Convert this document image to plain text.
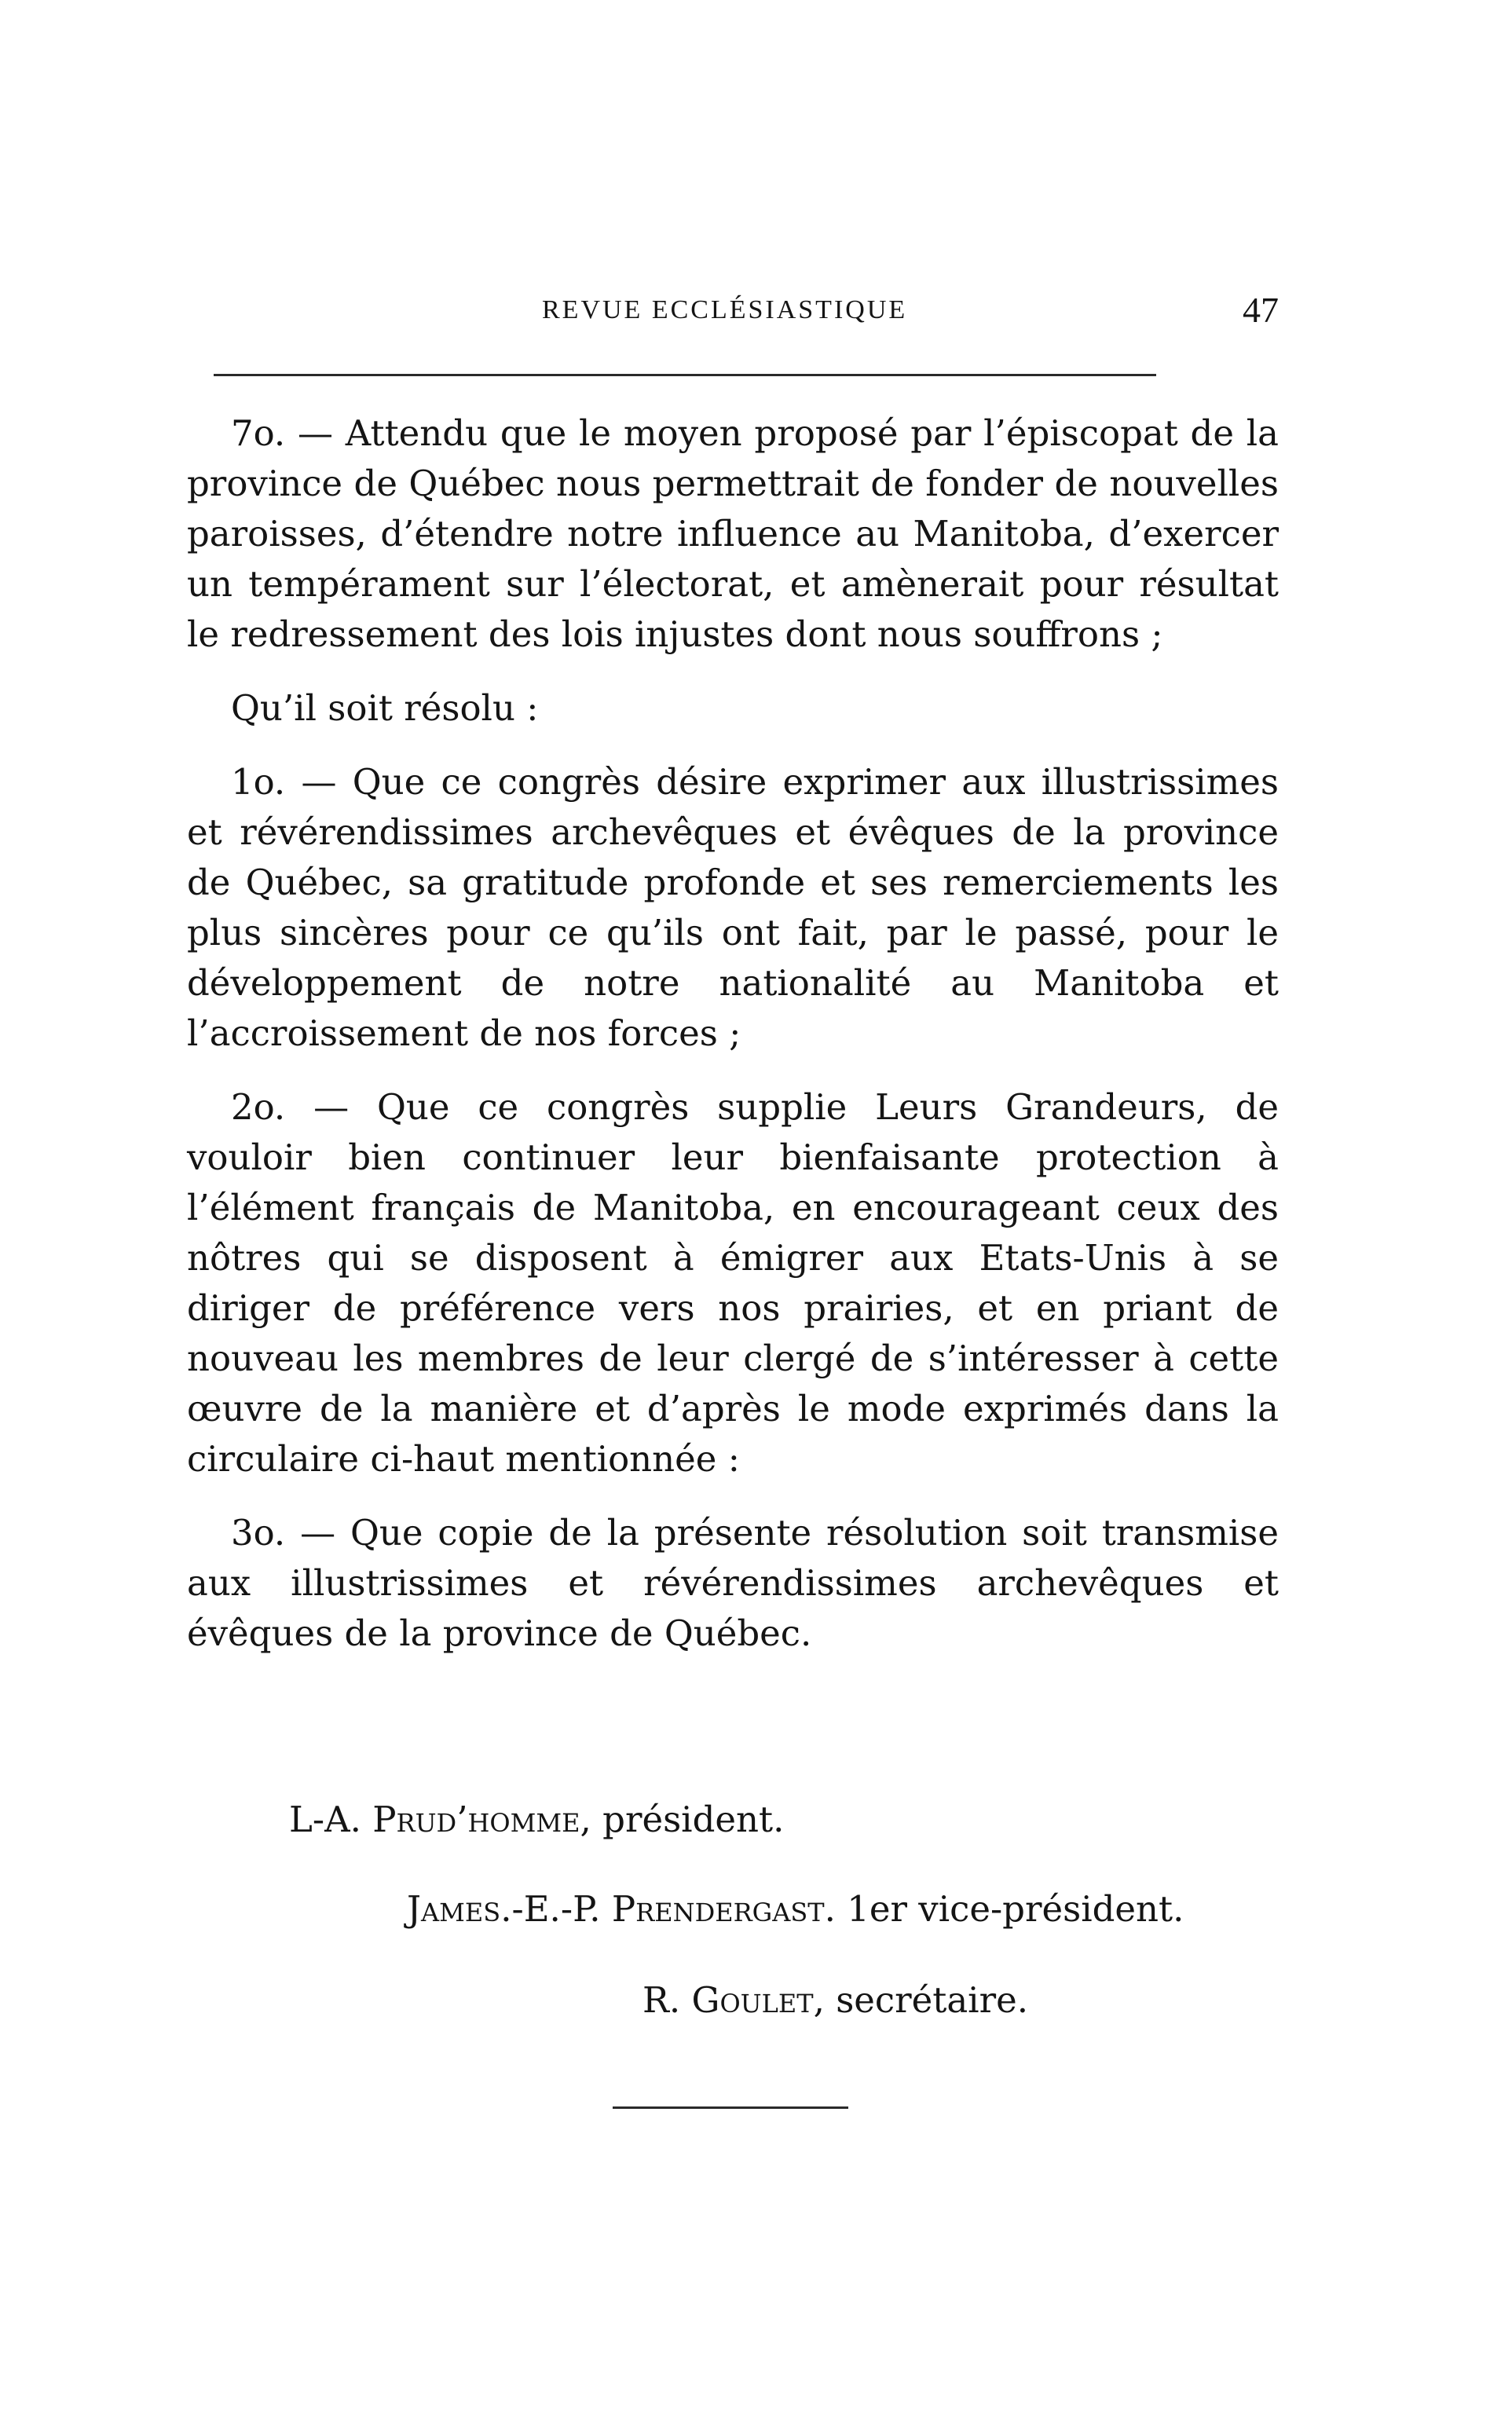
REVUE ECCLÉSIASTIQUE	47

7o. — Attendu que le moyen proposé par l’épiscopat de la province de Québec nous permettrait de fonder de nouvelles paroisses, d’étendre notre influence au Manitoba, d’exercer un tempérament sur l’électorat, et amènerait pour résultat le redressement des lois injustes dont nous souffrons ;

Qu’il soit résolu :

1o. — Que ce congrès désire exprimer aux illustrissimes et révérendissimes archevêques et évêques de la province de Québec, sa gratitude profonde et ses remerciements les plus sincères pour ce qu’ils ont fait, par le passé, pour le développement de notre nationalité au Manitoba et l’accroissement de nos forces ;

2o. — Que ce congrès supplie Leurs Grandeurs, de vouloir bien continuer leur bienfaisante protection à l’élément français de Manitoba, en encourageant ceux des nôtres qui se disposent à émigrer aux Etats-Unis à se diriger de préférence vers nos prairies, et en priant de nouveau les membres de leur clergé de s’intéresser à cette œuvre de la manière et d’après le mode exprimés dans la circulaire ci-haut mentionnée :

3o. — Que copie de la présente résolution soit transmise aux illustrissimes et révérendissimes archevêques et évêques de la province de Québec.

L-A. Prud’homme, président.
James.-E.-P. Prendergast. 1er vice-président.
R. Goulet, secrétaire.
